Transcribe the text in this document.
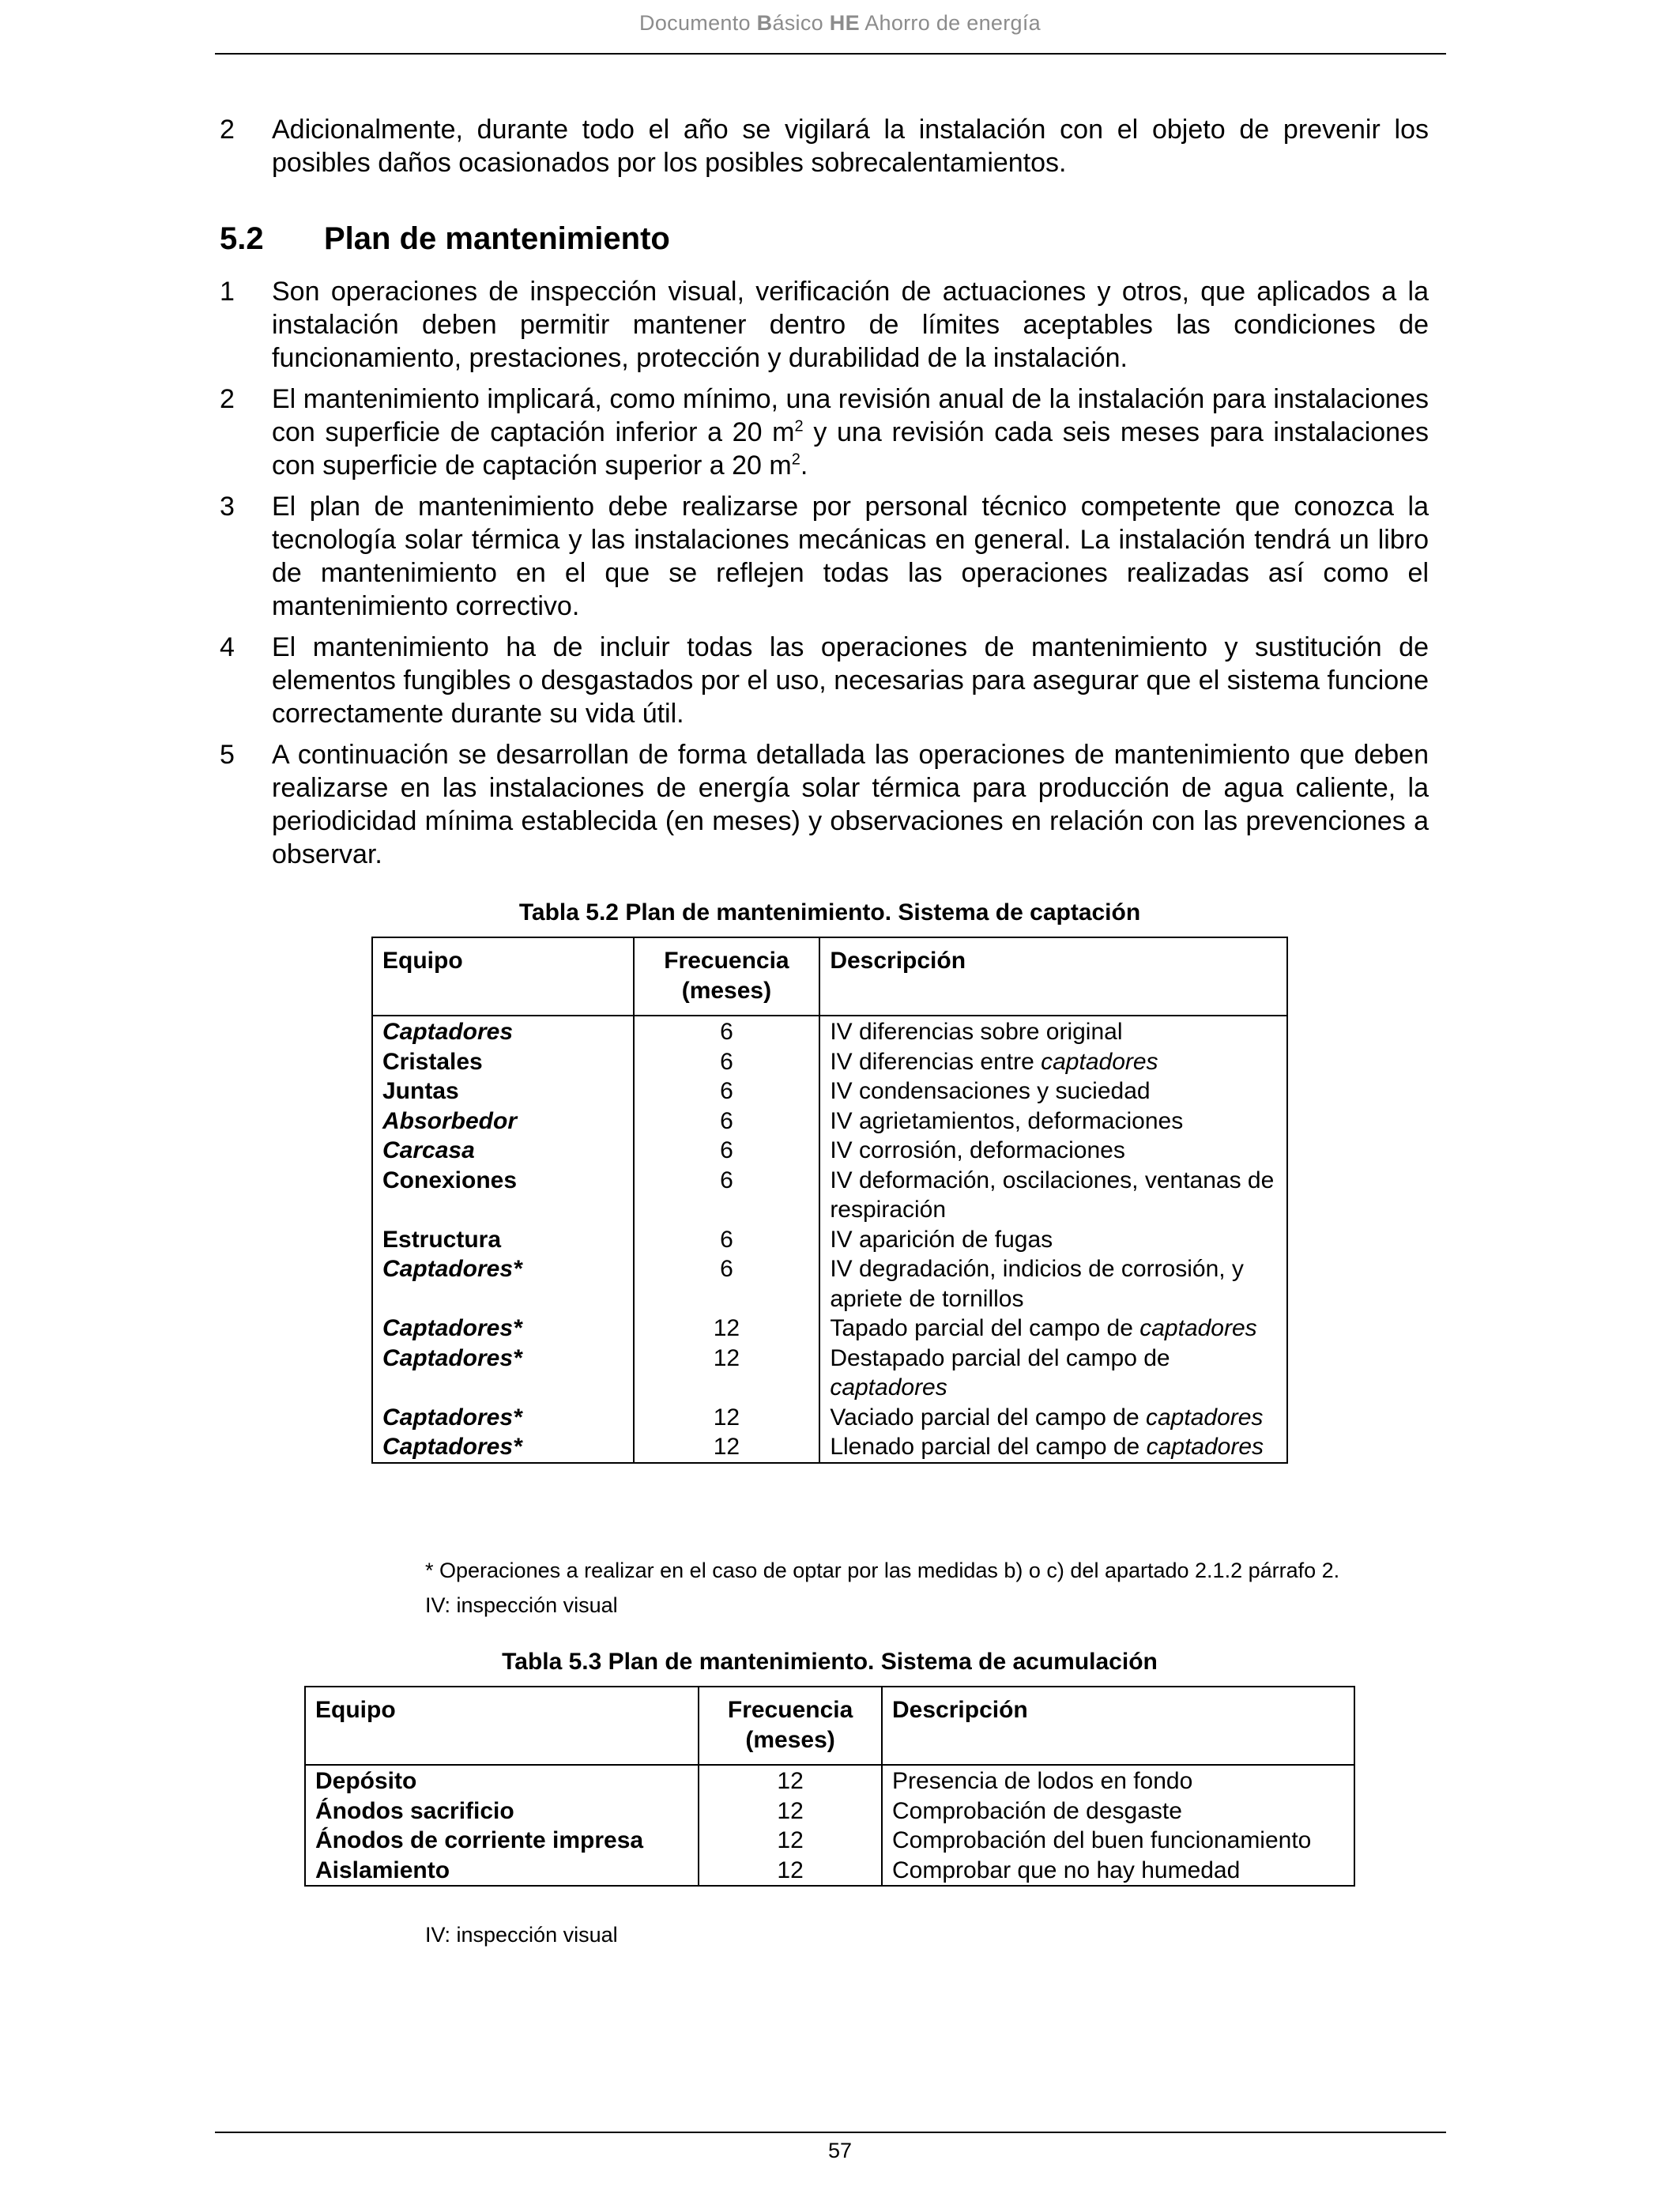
Documento Básico HE Ahorro de energía
2	Adicionalmente, durante todo el año se vigilará la instalación con el objeto de prevenir los posibles daños ocasionados por los posibles sobrecalentamientos.
5.2 Plan de mantenimiento
1	Son operaciones de inspección visual, verificación de actuaciones y otros, que aplicados a la instalación deben permitir mantener dentro de límites aceptables las condiciones de funcionamiento, prestaciones, protección y durabilidad de la instalación.
2	El mantenimiento implicará, como mínimo, una revisión anual de la instalación para instalaciones con superficie de captación inferior a 20 $m^2$ y una revisión cada seis meses para instalaciones con superficie de captación superior a 20 $m^2$.
3	El plan de mantenimiento debe realizarse por personal técnico competente que conozca la tecnología solar térmica y las instalaciones mecánicas en general. La instalación tendrá un libro de mantenimiento en el que se reflejen todas las operaciones realizadas así como el mantenimiento correctivo.
4	El mantenimiento ha de incluir todas las operaciones de mantenimiento y sustitución de elementos fungibles o desgastados por el uso, necesarias para asegurar que el sistema funcione correctamente durante su vida útil.
5	A continuación se desarrollan de forma detallada las operaciones de mantenimiento que deben realizarse en las instalaciones de energía solar térmica para producción de agua caliente, la periodicidad mínima establecida (en meses) y observaciones en relación con las prevenciones a observar.
Tabla 5.2 Plan de mantenimiento. Sistema de captación
Equipo	Frecuencia (meses)	Descripción
Captadores	6	IV diferencias sobre original
Cristales	6	IV diferencias entre captadores
Juntas	6	IV condensaciones y suciedad
Absorbedor	6	IV agrietamientos, deformaciones
Carcasa	6	IV corrosión, deformaciones
Conexiones	6	IV deformación, oscilaciones, ventanas de respiración
Estructura	6	IV aparición de fugas
Captadores*	6	IV degradación, indicios de corrosión, y apriete de tornillos
Captadores*	12	Tapado parcial del campo de captadores
Captadores*	12	Destapado parcial del campo de captadores
Captadores*	12	Vaciado parcial del campo de captadores
Captadores*	12	Llenado parcial del campo de captadores
* Operaciones a realizar en el caso de optar por las medidas b) o c) del apartado 2.1.2 párrafo 2.
IV: inspección visual
Tabla 5.3 Plan de mantenimiento. Sistema de acumulación
Equipo	Frecuencia (meses)	Descripción
Depósito	12	Presencia de lodos en fondo
Ánodos sacrificio	12	Comprobación de desgaste
Ánodos de corriente impresa	12	Comprobación del buen funcionamiento
Aislamiento	12	Comprobar que no hay humedad
IV: inspección visual
57
